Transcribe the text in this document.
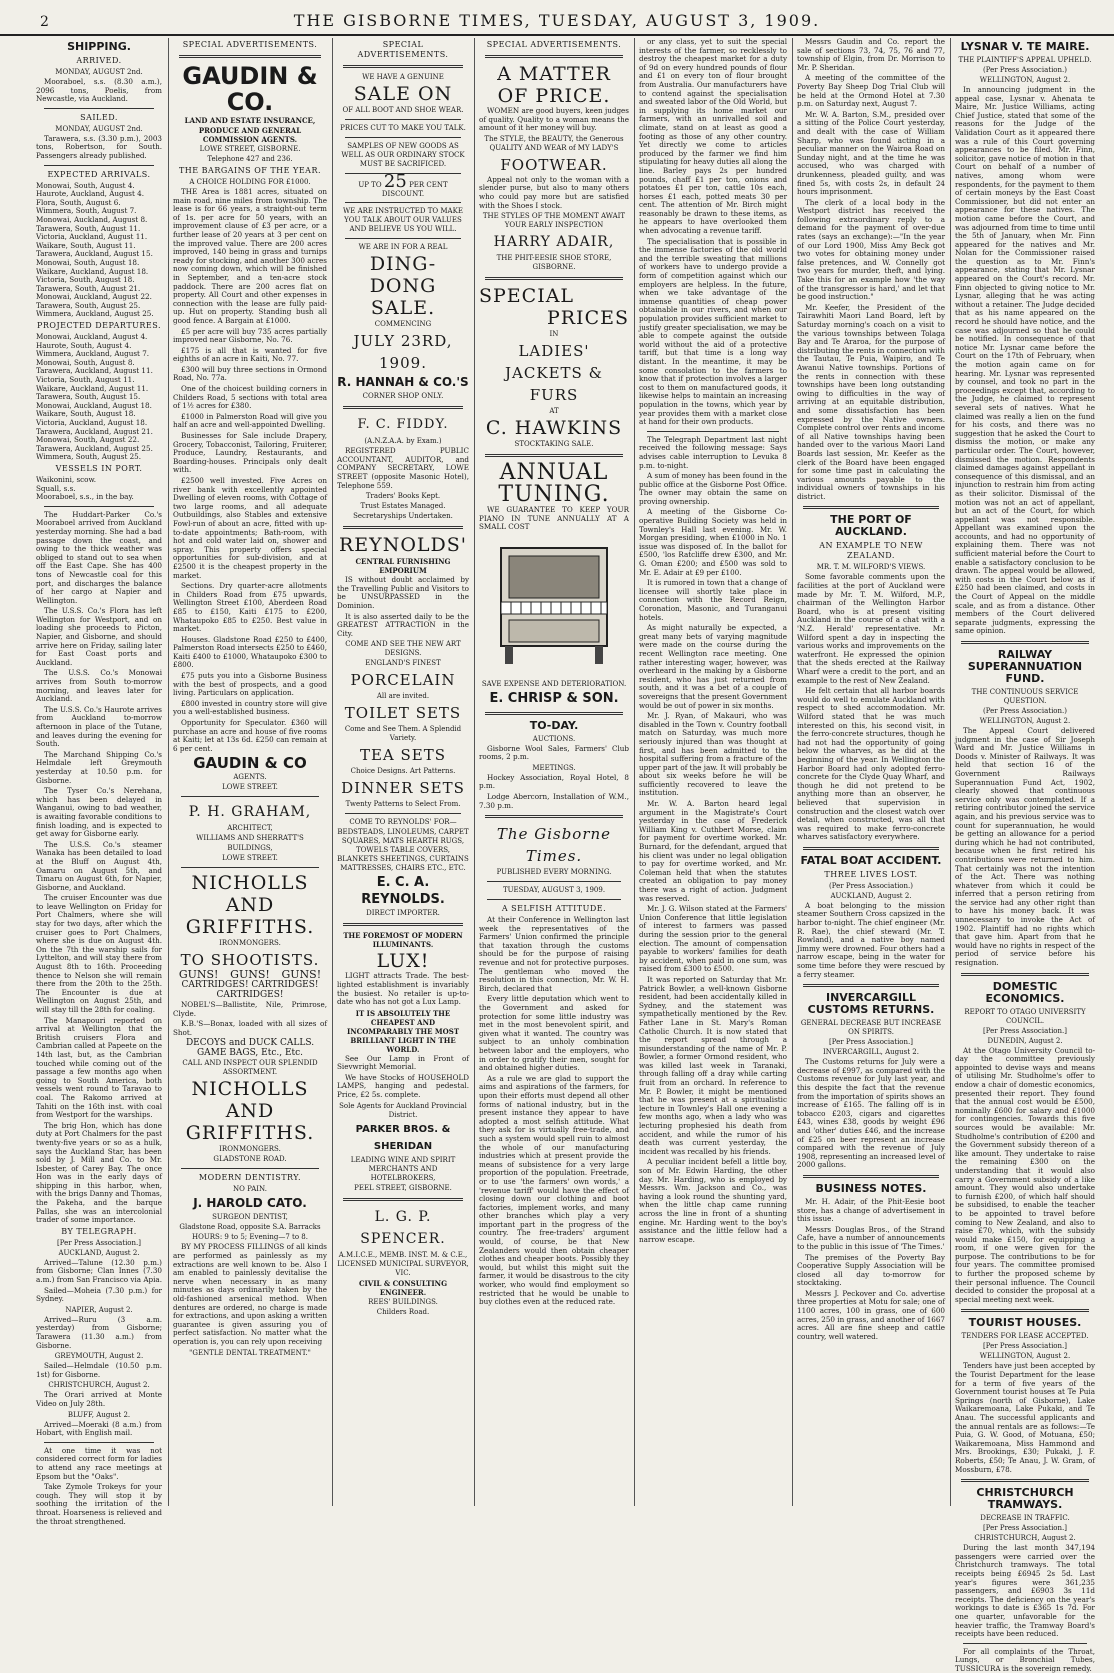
2	THE GISBORNE TIMES, TUESDAY, AUGUST 3, 1909.
SHIPPING.
ARRIVED.
MONDAY, AUGUST 2nd.

Mooraboel, s.s. (8.30 a.m.), 2096 tons, Poelis, from Newcastle, via Auckland.

SAILED.
MONDAY, AUGUST 2nd.

Tarawera, s.s. (3.30 p.m.), 2003 tons, Robertson, for South. Passengers already published.

EXPECTED ARRIVALS.
Monowai, South, August 4.
Haurote, Auckland, August 4.
Flora, South, August 6.
Wimmera, South, August 7.
Monowai, Auckland, August 8.
Tarawera, South, August 11.
Victoria, Auckland, August 11.
Waikare, South, August 11.
Tarawera, Auckland, August 15.
Monowai, South, August 18.
Waikare, Auckland, August 18.
Victoria, South, August 18.
Tarawera, South, August 21.
Monowai, Auckland, August 22.
Tarawera, South, August 25.
Wimmera, Auckland, August 25.
PROJECTED DEPARTURES.
Monowai, Auckland, August 4.
Haurote, South, August 4.
Wimmera, Auckland, August 7.
Monowai, South, August 8.
Tarawera, Auckland, August 11.
Victoria, South, August 11.
Waikare, Auckland, August 11.
Tarawera, South, August 15.
Monowai, Auckland, August 18.
Waikare, South, August 18.
Victoria, Auckland, August 18.
Tarawera, Auckland, August 21.
Monowai, South, August 22.
Tarawera, Auckland, August 25.
Wimmera, South, August 25.
VESSELS IN PORT.
Waikonini, scow.
Squall, s.s.
Mooraboel, s.s., in the bay.

The Huddart-Parker Co.'s Mooraboel arrived from Auckland yesterday morning. She had a bad passage down the coast, and owing to the thick weather was obliged to stand out to sea when off the East Cape. She has 400 tons of Newcastle coal for this port, and discharges the balance of her cargo at Napier and Wellington.

The U.S.S. Co.'s Flora has left Wellington for Westport, and on loading she proceeds to Picton, Napier, and Gisborne, and should arrive here on Friday, sailing later for East Coast ports and Auckland.

The U.S.S. Co.'s Monowai arrives from South to-morrow morning, and leaves later for Auckland.

The U.S.S. Co.'s Haurote arrives from Auckland to-morrow afternoon in place of the Tutane, and leaves during the evening for South.

The Marchand Shipping Co.'s Helmdale left Greymouth yesterday at 10.50 p.m. for Gisborne.

The Tyser Co.'s Nerehana, which has been delayed in Wanganui, owing to bad weather, is awaiting favorable conditions to finish loading, and is expected to get away for Gisborne early.

The U.S.S. Co.'s steamer Wanaka has been detailed to load at the Bluff on August 4th, Oamaru on August 5th, and Timaru on August 6th, for Napier, Gisborne, and Auckland.

The cruiser Encounter was due to leave Wellington on Friday for Port Chalmers, where she will stay for two days, after which the cruiser goes to Port Chalmers, where she is due on August 4th. On the 7th the warship sails for Lyttelton, and will stay there from August 8th to 16th. Proceeding thence to Nelson she will remain there from the 20th to the 25th. The Encounter is due at Wellington on August 25th, and will stay till the 28th for coaling.

The Manapouri reported on arrival at Wellington that the British cruisers Flora and Cambrian called at Papeete on the 14th last, but, as the Cambrian touched while coming out of the passage a few months ago when going to South America, both vessels went round to Taravao to coal. The Rakomo arrived at Tahiti on the 16th inst. with coal from Westport for the warships.

The brig Hon, which has done duty at Port Chalmers for the past twenty-five years or so as a hulk, says the Auckland Star, has been sold by J. Mill and Co. to Mr. Isbester, of Carey Bay. The once Hon was in the early days of shipping in this harbor, when, with the brigs Danny and Thomas, the Pakeha, and the barque Pallas, she was an intercolonial trader of some importance.

BY TELEGRAPH.
[Per Press Association.]
AUCKLAND, August 2.

Arrived—Talune (12.30 p.m.) from Gisborne; Clan Innes (7.30 a.m.) from San Francisco via Apia.

Sailed—Moheia (7.30 p.m.) for Sydney.

NAPIER, August 2.

Arrived—Ruru (3 a.m. yesterday) from Gisborne; Tarawera (11.30 a.m.) from Gisborne.

GREYMOUTH, August 2.

Sailed—Helmdale (10.50 p.m. 1st) for Gisborne.

CHRISTCHURCH, August 2.

The Orari arrived at Monte Video on July 28th.

BLUFF, August 2.

Arrived—Moeraki (8 a.m.) from Hobart, with English mail.

At one time it was not considered correct form for ladies to attend any race meetings at Epsom but the "Oaks".

Take Zymole Trokeys for your cough. They will stop it by soothing the irritation of the throat. Hoarseness is relieved and the throat strengthened.

SPECIAL ADVERTISEMENTS.
GAUDIN & CO.
LAND AND ESTATE INSURANCE,
PRODUCE AND GENERAL COMMISSION AGENTS.
LOWE STREET, GISBORNE.
Telephone 427 and 236.
THE BARGAINS OF THE YEAR.
A CHOICE HOLDING FOR £1000.

THE Area is 1881 acres, situated on main road, nine miles from township. The lease is for 66 years, a straight-out term of 1s. per acre for 50 years, with an improvement clause of £3 per acre, or a further lease of 20 years at 3 per cent on the improved value. There are 200 acres improved, 140 being in grass and turnips ready for stocking, and another 300 acres now coming down, which will be finished in September, and a ten-acre stock paddock. There are 200 acres flat on property. All Court and other expenses in connection with the lease are fully paid-up. Hut on property. Standing bush all good fence. A Bargain at £1000.

£5 per acre will buy 735 acres partially improved near Gisborne, No. 76.

£175 is all that is wanted for five eighths of an acre in Kaiti, No. 77.

£300 will buy three sections in Ormond Road, No. 77a.

One of the choicest building corners in Childers Road, 5 sections with total area of 1½ acres for £380.

£1000 in Palmerston Road will give you half an acre and well-appointed Dwelling.

Businesses for Sale include Drapery, Grocery, Tobacconist, Tailoring, Fruiterer, Produce, Laundry, Restaurants, and Boarding-houses. Principals only dealt with.

£2500 well invested. Five Acres on river bank with excellently appointed Dwelling of eleven rooms, with Cottage of two large rooms, and all adequate Outbuildings, also Stables and extensive Fowl-run of about an acre, fitted with up-to-date appointments; Bath-room, with hot and cold water laid on, shower and spray. This property offers special opportunities for sub-division, and at £2500 it is the cheapest property in the market.

Sections. Dry quarter-acre allotments in Childers Road from £75 upwards, Wellington Street £100, Aberdeen Road £85 to £150, Kaiti £175 to £200, Whataupoko £85 to £250. Best value in market.

Houses. Gladstone Road £250 to £400, Palmerston Road intersects £250 to £460, Kaiti £400 to £1000, Whataupoko £300 to £800.

£75 puts you into a Gisborne Business with the best of prospects, and a good living. Particulars on application.

£800 invested in country store will give you a well-established business.

Opportunity for Speculator. £360 will purchase an acre and house of five rooms at Kaiti; let at 13s 6d. £250 can remain at 6 per cent.

GAUDIN & CO
AGENTS.
LOWE STREET.
P. H. GRAHAM,
ARCHITECT,
WILLIAMS AND SHERRATT'S
BUILDINGS,
LOWE STREET.
NICHOLLS AND GRIFFITHS.
IRONMONGERS.
TO SHOOTISTS.
GUNS! GUNS! GUNS!
CARTRIDGES! CARTRIDGES!
CARTRIDGES!

NOBEL'S—Ballistite, Nile, Primrose, Clyde.

K.B.'S—Bonax, loaded with all sizes of Shot.

DECOYS and DUCK CALLS.
GAME BAGS, Etc., Etc.
CALL AND INSPECT OUR SPLENDID ASSORTMENT.
NICHOLLS AND GRIFFITHS.
IRONMONGERS.
GLADSTONE ROAD.
MODERN DENTISTRY.
NO PAIN.
J. HAROLD CATO.
SURGEON DENTIST,
Gladstone Road, opposite S.A. Barracks
HOURS: 9 to 5; Evening—7 to 8.

BY MY PROCESS FILLINGS of all kinds are performed as painlessly as my extractions are well known to be. Also I am enabled to painlessly devitalise the nerve when necessary in as many minutes as days ordinarily taken by the old-fashioned arsenical method. When dentures are ordered, no charge is made for extractions, and upon asking a written guarantee is given assuring you of perfect satisfaction. No matter what the operation is, you can rely upon receiving

"GENTLE DENTAL TREATMENT."
SPECIAL ADVERTISEMENTS.
WE HAVE A GENUINE
SALE ON
OF ALL BOOT AND SHOE WEAR.
PRICES CUT TO MAKE YOU TALK.
SAMPLES OF NEW GOODS AS WELL AS OUR ORDINARY STOCK MUST BE SACRIFICED.
UP TO 25 PER CENT DISCOUNT.
WE ARE INSTRUCTED TO MAKE YOU TALK ABOUT OUR VALUES AND BELIEVE US YOU WILL.
WE ARE IN FOR A REAL
DING-DONG
SALE.
COMMENCING
JULY 23RD, 1909.
R. HANNAH & CO.'S
CORNER SHOP ONLY.
F. C. FIDDY.
(A.N.Z.A.A. by Exam.)

REGISTERED PUBLIC ACCOUNTANT, AUDITOR, and COMPANY SECRETARY, LOWE STREET (opposite Masonic Hotel), Telephone 559.

Traders' Books Kept.
Trust Estates Managed.
Secretaryships Undertaken.
REYNOLDS'
CENTRAL FURNISHING EMPORIUM

IS without doubt acclaimed by the Travelling Public and Visitors to be UNSURPASSED in the Dominion.

It is also asserted daily to be the GREATEST ATTRACTION in the City.

COME AND SEE THE NEW ART DESIGNS.
ENGLAND'S FINEST
PORCELAIN
All are invited.
TOILET SETS
Come and See Them. A Splendid Variety.
TEA SETS
Choice Designs. Art Patterns.
DINNER SETS
Twenty Patterns to Select From.
COME TO REYNOLDS' FOR—
BEDSTEADS, LINOLEUMS, CARPET SQUARES, MATS HEARTH RUGS, TOWELS TABLE COVERS, BLANKETS SHEETINGS, CURTAINS MATTRESSES, CHAIRS ETC., ETC.
E. C. A. REYNOLDS.
DIRECT IMPORTER.
THE FOREMOST OF MODERN ILLUMINANTS.
LUX!

LIGHT attracts Trade. The best-lighted establishment is invariably the busiest. No retailer is up-to-date who has not got a Lux Lamp.

IT IS ABSOLUTELY THE CHEAPEST AND INCOMPARABLY THE MOST BRILLIANT LIGHT IN THE WORLD.

See Our Lamp in Front of Sievwright Memorial.

We have Stocks of HOUSEHOLD LAMPS, hanging and pedestal. Price, £2 5s. complete.

Sole Agents for Auckland Provincial District.
PARKER BROS. & SHERIDAN
LEADING WINE AND SPIRIT MERCHANTS AND HOTELBROKERS,
PEEL STREET, GISBORNE.
L. G. P. SPENCER.
A.M.I.C.E., MEMB. INST. M. & C.E., LICENSED MUNICIPAL SURVEYOR, VIC.
CIVIL & CONSULTING ENGINEER.
REES' BUILDINGS.
Childers Road.
SPECIAL ADVERTISEMENTS.
A MATTER OF PRICE.

WOMEN are good buyers, keen judges of quality. Quality to a woman means the amount of it her money will buy.

The STYLE, the BEAUTY, the Generous QUALITY AND WEAR of MY LADY'S
FOOTWEAR.

Appeal not only to the woman with a slender purse, but also to many others who could pay more but are satisfied with the Shoes I stock.

THE STYLES OF THE MOMENT AWAIT YOUR EARLY INSPECTION
HARRY ADAIR,
THE PHIT-EESIE SHOE STORE, GISBORNE.
SPECIAL
PRICES
IN
LADIES'
JACKETS & FURS
AT
C. HAWKINS
STOCKTAKING SALE.
ANNUAL
TUNING.

WE GUARANTEE TO KEEP YOUR PIANO IN TUNE ANNUALLY AT A SMALL COST

SAVE EXPENSE AND DETERIORATION.
E. CHRISP & SON.
TO-DAY.
AUCTIONS.

Gisborne Wool Sales, Farmers' Club rooms, 2 p.m.

MEETINGS.

Hockey Association, Royal Hotel, 8 p.m.

Lodge Abercorn, Installation of W.M., 7.30 p.m.

The Gisborne Times.
PUBLISHED EVERY MORNING.
TUESDAY, AUGUST 3, 1909.
A SELFISH ATTITUDE.

At their Conference in Wellington last week the representatives of the Farmers' Union confirmed the principle that taxation through the customs should be for the purpose of raising revenue and not for protective purposes. The gentleman who moved the resolution in this connection, Mr. W. H. Birch, declared that

Every little deputation which went to the Government and asked for protection for some little industry was met in the most benevolent spirit, and given what it wanted. The country was subject to an unholy combination between labor and the employers, who in order to gratify their men, sought for and obtained higher duties.

As a rule we are glad to support the aims and aspirations of the farmers, for upon their efforts must depend all other forms of national industry, but in the present instance they appear to have adopted a most selfish attitude. What they ask for is virtually free-trade, and such a system would spell ruin to almost the whole of our manufacturing industries which at present provide the means of subsistence for a very large proportion of the population. Freetrade, or to use 'the farmers' own words,' a 'revenue tariff' would have the effect of closing down our clothing and boot factories, implement works, and many other branches which play a very important part in the progress of the country. The free-traders' argument would, of course, be that New Zealanders would then obtain cheaper clothes and cheaper boots. Possibly they would, but whilst this might suit the farmer, it would be disastrous to the city worker, who would find employment so restricted that he would be unable to buy clothes even at the reduced rate.

or any class, yet to suit the special interests of the farmer, so recklessly to destroy the cheapest market for a duty of 9d on every hundred pounds of flour and £1 on every ton of flour brought from Australia. Our manufacturers have to contend against the specialisation and sweated labor of the Old World, but in supplying its home market our farmers, with an unrivalled soil and climate, stand on at least as good a footing as those of any other country. Yet directly we come to articles produced by the farmer we find him stipulating for heavy duties all along the line. Barley pays 2s per hundred pounds, chaff £1 per ton, onions and potatoes £1 per ton, cattle 10s each, horses £1 each, potted meats 30 per cent. The attention of Mr. Birch might reasonably be drawn to these items, as he appears to have overlooked them when advocating a revenue tariff.

The specialisation that is possible in the immense factories of the old world and the terrible sweating that millions of workers have to undergo provide a form of competition against which our employers are helpless. In the future, when we take advantage of the immense quantities of cheap power obtainable in our rivers, and when our population provides sufficient market to justify greater specialisation, we may be able to compete against the outside world without the aid of a protective tariff, but that time is a long way distant. In the meantime, it may be some consolation to the farmers to know that if protection involves a larger cost to them on manufactured goods, it likewise helps to maintain an increasing population in the towns, which year by year provides them with a market close at hand for their own products.

The Telegraph Department last night received the following message: Says advises cable interruption to Levuka 8 p.m. to-night.

A sum of money has been found in the public office at the Gisborne Post Office. The owner may obtain the same on proving ownership.

A meeting of the Gisborne Co-operative Building Society was held in Townley's Hall last evening. Mr. W. Morgan presiding, when £1000 in No. 1 issue was disposed of. In the ballot for £500, 'los Ratcliffe drew £300, and Mr. G. Oman £200; and £500 was sold to Mr. E. Adair at £9 per £100.

It is rumored in town that a change of licensee will shortly take place in connection with the Record Reign, Coronation, Masonic, and Turanganui hotels.

As might naturally be expected, a great many bets of varying magnitude were made on the course during the recent Wellington race meeting. One rather interesting wager, however, was overheard in the making by a Gisborne resident, who has just returned from south, and it was a bet of a couple of sovereigns that the present Government would be out of power in six months.

Mr. J. Ryan, of Makauri, who was disabled in the Town v. Country football match on Saturday, was much more seriously injured than was thought at first, and has been admitted to the hospital suffering from a fracture of the upper part of the jaw. It will probably be about six weeks before he will be sufficiently recovered to leave the institution.

Mr. W. A. Barton heard legal argument in the Magistrate's Court yesterday in the case of Frederick William King v. Cuthbert Morse, claim for payment for overtime worked. Mr. Burnard, for the defendant, argued that his client was under no legal obligation to pay for overtime worked, and Mr. Coleman held that when the statutes created an obligation to pay money there was a right of action. Judgment was reserved.

Mr. J. G. Wilson stated at the Farmers' Union Conference that little legislation of interest to farmers was passed during the session prior to the general election. The amount of compensation payable to workers' families for death by accident, when paid in one sum, was raised from £300 to £500.

It was reported on Saturday that Mr. Patrick Bowler, a well-known Gisborne resident, had been accidentally killed in Sydney, and the statement was sympathetically mentioned by the Rev. Father Lane in St. Mary's Roman Catholic Church. It is now stated that the report spread through a misunderstanding of the name of Mr. P. Bowler, a former Ormond resident, who was killed last week in Taranaki, through falling off a dray while carting fruit from an orchard. In reference to Mr. P. Bowler, it might be mentioned that he was present at a spiritualistic lecture in Townley's Hall one evening a few months ago, when a lady who was lecturing prophesied his death from accident, and while the rumor of his death was current yesterday, the incident was recalled by his friends.

A peculiar incident befell a little boy, son of Mr. Edwin Harding, the other day. Mr. Harding, who is employed by Messrs. Wm. Jackson and Co., was having a look round the shunting yard, when the little chap came running across the line in front of a shunting engine. Mr. Harding went to the boy's assistance and the little fellow had a narrow escape.

Messrs Gaudin and Co. report the sale of sections 73, 74, 75, 76 and 77, township of Elgin, from Dr. Morrison to Mr. P. Sheridan.

A meeting of the committee of the Poverty Bay Sheep Dog Trial Club will be held at the Ormond Hotel at 7.30 p.m. on Saturday next, August 7.

Mr. W. A. Barton, S.M., presided over a sitting of the Police Court yesterday, and dealt with the case of William Sharp, who was found acting in a peculiar manner on the Wairoa Road on Sunday night, and at the time he was accused, who was charged with drunkenness, pleaded guilty, and was fined 5s, with costs 2s, in default 24 hours imprisonment.

The clerk of a local body in the Westport district has received the following extraordinary reply to a demand for the payment of over-due rates (says an exchange):—"In the year of our Lord 1900, Miss Amy Beck got two votes for obtaining money under false pretences, and W. Connelly got two years for murder, theft, and lying. Take this for an example how 'the way of the transgressor is hard,' and let that be good instruction."

Mr. Keefer, the President of the Tairawhiti Maori Land Board, left by Saturday morning's coach on a visit to the various townships between Tolaga Bay and Te Araroa, for the purpose of distributing the rents in connection with the Tautau, Te Puia, Waipiro, and Te Awanui Native townships. Portions of the rents in connection with these townships have been long outstanding owing to difficulties in the way of arriving at an equitable distribution, and some dissatisfaction has been expressed by the Native owners. Complete control over rents and income of all Native townships having been handed over to the various Maori Land Boards last session, Mr. Keefer as the clerk of the Board have been engaged for some time past in calculating the various amounts payable to the individual owners of townships in his district.

THE PORT OF AUCKLAND.
AN EXAMPLE TO NEW ZEALAND.
MR. T. M. WILFORD'S VIEWS.

Some favorable comments upon the facilities at the port of Auckland were made by Mr. T. M. Wilford, M.P., chairman of the Wellington Harbor Board, who is at present visiting Auckland in the course of a chat with a 'N.Z. Herald' representative. Mr. Wilford spent a day in inspecting the various works and improvements on the waterfront. He expressed the opinion that the sheds erected at the Railway Wharf were a credit to the port, and an example to the rest of New Zealand.

He felt certain that all harbor boards would do well to emulate Auckland with respect to shed accommodation. Mr. Wilford stated that he was much interested on this, his second visit, in the ferro-concrete structures, though he had not had the opportunity of going below the wharves, as he did at the beginning of the year. In Wellington the Harbor Board had only adopted ferro-concrete for the Clyde Quay Wharf, and though he did not pretend to be anything more than an observer, he believed that supervision in construction and the closest watch over detail, when constructed, was all that was required to make ferro-concrete wharves satisfactory everywhere.

FATAL BOAT ACCIDENT.
THREE LIVES LOST.
(Per Press Association.)
AUCKLAND, August 2.

A boat belonging to the mission steamer Southern Cross capsized in the harbor to-night. The chief engineer (Mr. R. Rae), the chief steward (Mr. T. Rowland), and a native boy named Jimmy were drowned. Four others had a narrow escape, being in the water for some time before they were rescued by a ferry steamer.

INVERCARGILL CUSTOMS RETURNS.
GENERAL DECREASE BUT INCREASE ON SPIRITS.
[Per Press Association.]
INVERCARGILL, August 2.

The Customs returns for July were a decrease of £997, as compared with the Customs revenue for July last year, and this despite the fact that the revenue from the importation of spirits shows an increase of £165. The falling off is in tobacco £203, cigars and cigarettes £43, wines £38, goods by weight £96 and 'other' duties £46, and the increase of £25 on beer represent an increase compared with the revenue of July 1908, representing an increased level of 2000 gallons.

BUSINESS NOTES.

Mr. H. Adair, of the Phit-Eesie boot store, has a change of advertisement in this issue.

Messrs Douglas Bros., of the Strand Cafe, have a number of announcements to the public in this issue of 'The Times.'

The premises of the Poverty Bay Cooperative Supply Association will be closed all day to-morrow for stocktaking.

Messrs J. Peckover and Co. advertise three properties at Motu for sale; one of 1100 acres, 100 in grass, one of 600 acres, 250 in grass, and another of 1667 acres. All are fine sheep and cattle country, well watered.

LYSNAR V. TE MAIRE.
THE PLAINTIFF'S APPEAL UPHELD.
(Per Press Association.)
WELLINGTON, August 2.

In announcing judgment in the appeal case, Lysnar v. Ahenata te Maire, Mr. Justice Williams, acting Chief Justice, stated that some of the reasons for the Judge of the Validation Court as it appeared there was a rule of this Court governing appearances to be filed. Mr. Finn, solicitor, gave notice of motion in that Court on behalf of a number of natives, among whom were respondents, for the payment to them of certain moneys by the East Coast Commissioner, but did not enter an appearance for these natives. The motion came before the Court, and was adjourned from time to time until the 5th of January, when Mr. Finn appeared for the natives and Mr. Nolan for the Commissioner raised the question as to Mr. Finn's appearance, stating that Mr. Lysnar appeared on the Court's record. Mr. Finn objected to giving notice to Mr. Lysnar, alleging that he was acting without a retainer. The Judge decided that as his name appeared on the record he should have notice, and the case was adjourned so that he could be notified. In consequence of that notice Mr. Lysnar came before the Court on the 17th of February, when the motion again came on for hearing. Mr. Lysnar was represented by counsel, and took no part in the proceedings except that, according to the Judge, he claimed to represent several sets of natives. What he claimed was really a lien on the fund for his costs, and there was no suggestion that he asked the Court to dismiss the motion, or make any particular order. The Court, however, dismissed the motion. Respondents claimed damages against appellant in consequence of this dismissal, and an injunction to restrain him from acting as their solicitor. Dismissal of the motion was not an act of appellant, but an act of the Court, for which appellant was not responsible. Appellant was examined upon the accounts, and had no opportunity of explaining them. There was not sufficient material before the Court to enable a satisfactory conclusion to be drawn. The appeal would be allowed, with costs in the Court below as if £250 had been claimed, and costs in the Court of Appeal on the middle scale, and as from a distance. Other members of the Court delivered separate judgments, expressing the same opinion.

RAILWAY SUPERANNUATION FUND.
THE CONTINUOUS SERVICE QUESTION.
(Per Press Association.)
WELLINGTON, August 2.

The Appeal Court delivered judgment in the case of Sir Joseph Ward and Mr. Justice Williams in Doods v. Minister of Railways. It was held that section 16 of the Government Railways Superannuation Fund Act, 1902, clearly showed that continuous service only was contemplated. If a retiring contributor joined the service again, and his previous service was to count for superannuation, he would be getting an allowance for a period during which he had not contributed, because when he first retired his contributions were returned to him. That certainly was not the intention of the Act. There was nothing whatever from which it could be inferred that a person retiring from the service had any other right than to have his money back. It was unnecessary to invoke the Act of 1902. Plaintiff had no rights which that gave him. Apart from that he would have no rights in respect of the period of service before his resignation.

DOMESTIC ECONOMICS.
REPORT TO OTAGO UNIVERSITY COUNCIL.
[Per Press Association.]
DUNEDIN, August 2.

At the Otago University Council to-day the committee previously appointed to devise ways and means of utilising Mr. Studholme's offer to endow a chair of domestic economics, presented their report. They found that the annual cost would be £500, nominally £600 for salary and £1000 for contingencies. Towards this five sources would be available: Mr. Studholme's contribution of £200 and the Government subsidy thereon of a like amount. They undertake to raise the remaining £300 on the understanding that it would also carry a Government subsidy of a like amount. They would also undertake to furnish £200, of which half should be subsidised, to enable the teacher to be appointed to travel before coming to New Zealand, and also to raise £70, which, with the subsidy would make £150, for equipping a room, if one were given for the purpose. The contributions to be for four years. The committee promised to further the proposed scheme by their personal influence. The Council decided to consider the proposal at a special meeting next week.

TOURIST HOUSES.
TENDERS FOR LEASE ACCEPTED.
[Per Press Association.]
WELLINGTON, August 2.

Tenders have just been accepted by the Tourist Department for the lease for a term of five years of the Government tourist houses at Te Puia Springs (north of Gisborne), Lake Waikaremoana, Lake Pukaki, and Te Anau. The successful applicants and the annual rentals are as follows:—Te Puia, G. W. Good, of Motuana, £50; Waikaremoana, Miss Hammond and Mrs. Brookings, £30; Pukaki, J. F. Roberts, £50; Te Anau, J. W. Gram, of Mossburn, £78.

CHRISTCHURCH TRAMWAYS.
DECREASE IN TRAFFIC.
[Per Press Association.]
CHRISTCHURCH, August 2.

During the last month 347,194 passengers were carried over the Christchurch tramways. The total receipts being £6945 2s 5d. Last year's figures were 361,235 passengers, and £6903 3s 11d receipts. The deficiency on the year's workings to date is £365 1s 7d. For one quarter, unfavorable for the heavier traffic, the Tramway Board's receipts have been reduced.

For all complaints of the Throat, Lungs, or Bronchial Tubes, TUSSICURA is the sovereign remedy.
